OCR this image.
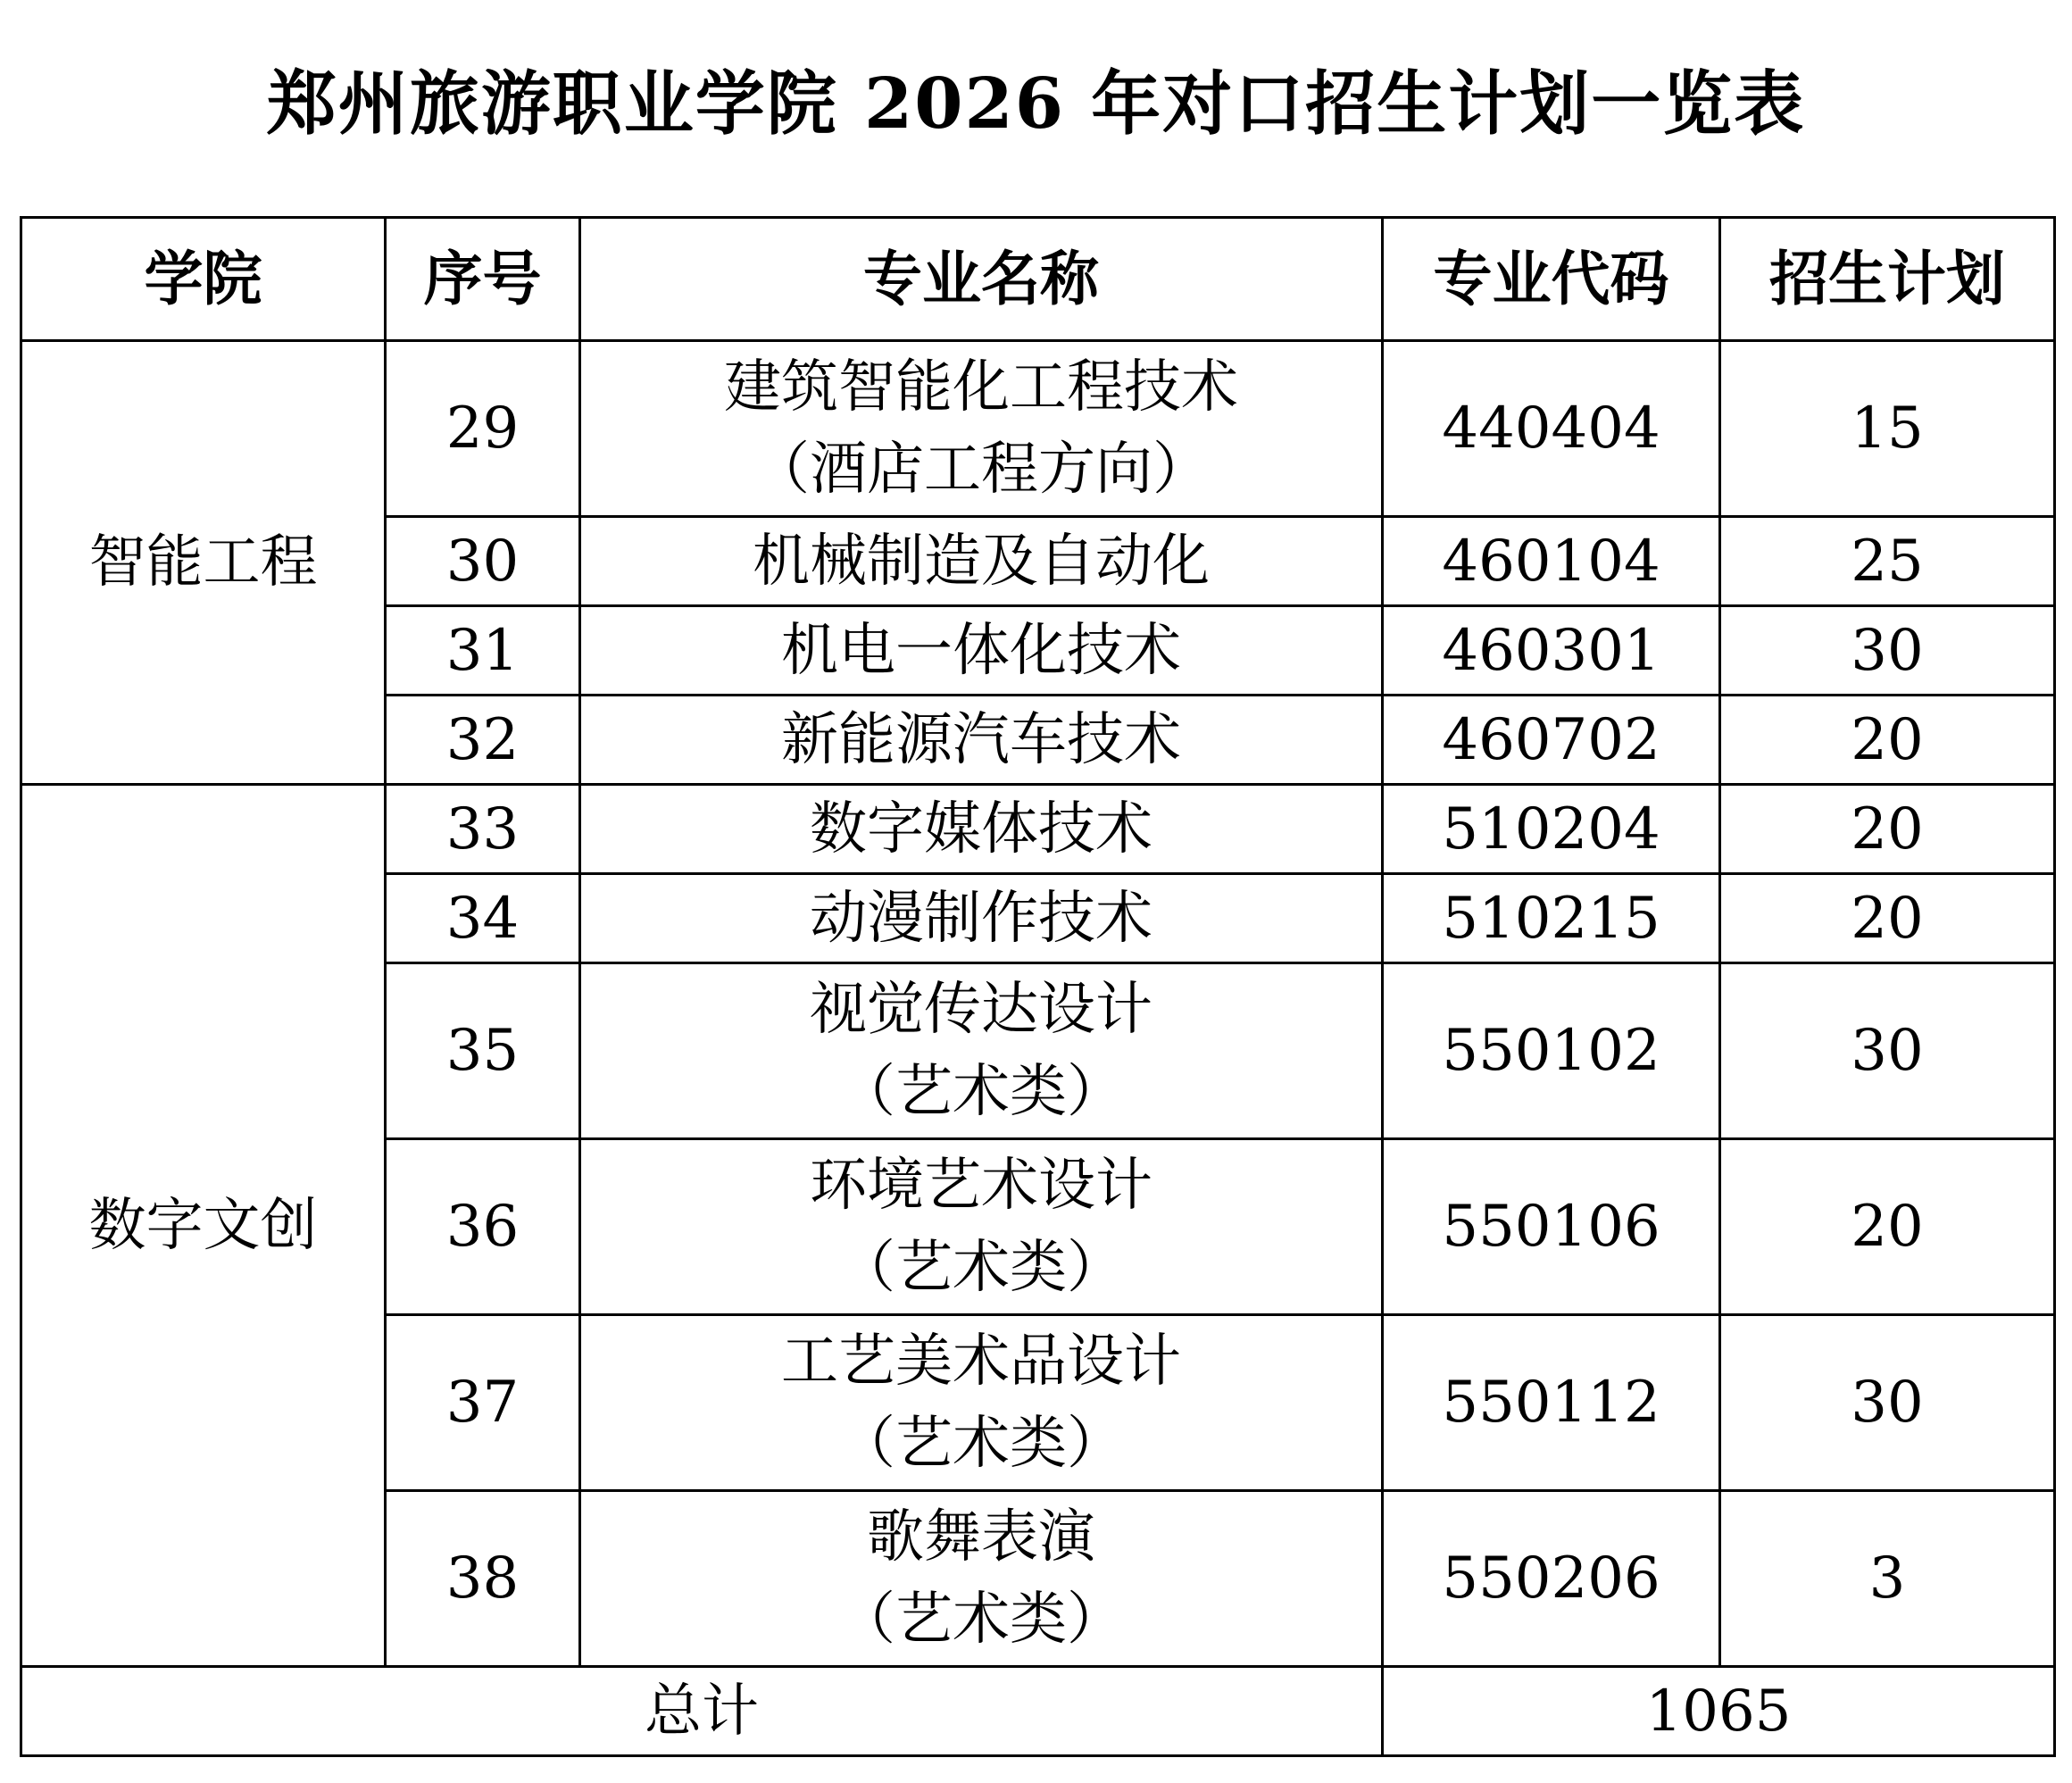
郑州旅游职业学院 2026 年对口招生计划一览表
学院	序号	专业名称	专业代码	招生计划
智能工程	29	建筑智能化工程技术
（酒店工程方向）	440404	15
	30	机械制造及自动化	460104	25
	31	机电一体化技术	460301	30
	32	新能源汽车技术	460702	20
数字文创	33	数字媒体技术	510204	20
	34	动漫制作技术	510215	20
	35	视觉传达设计
（艺术类）	550102	30
	36	环境艺术设计
（艺术类）	550106	20
	37	工艺美术品设计
（艺术类）	550112	30
	38	歌舞表演
（艺术类）	550206	3
总计			1065	
